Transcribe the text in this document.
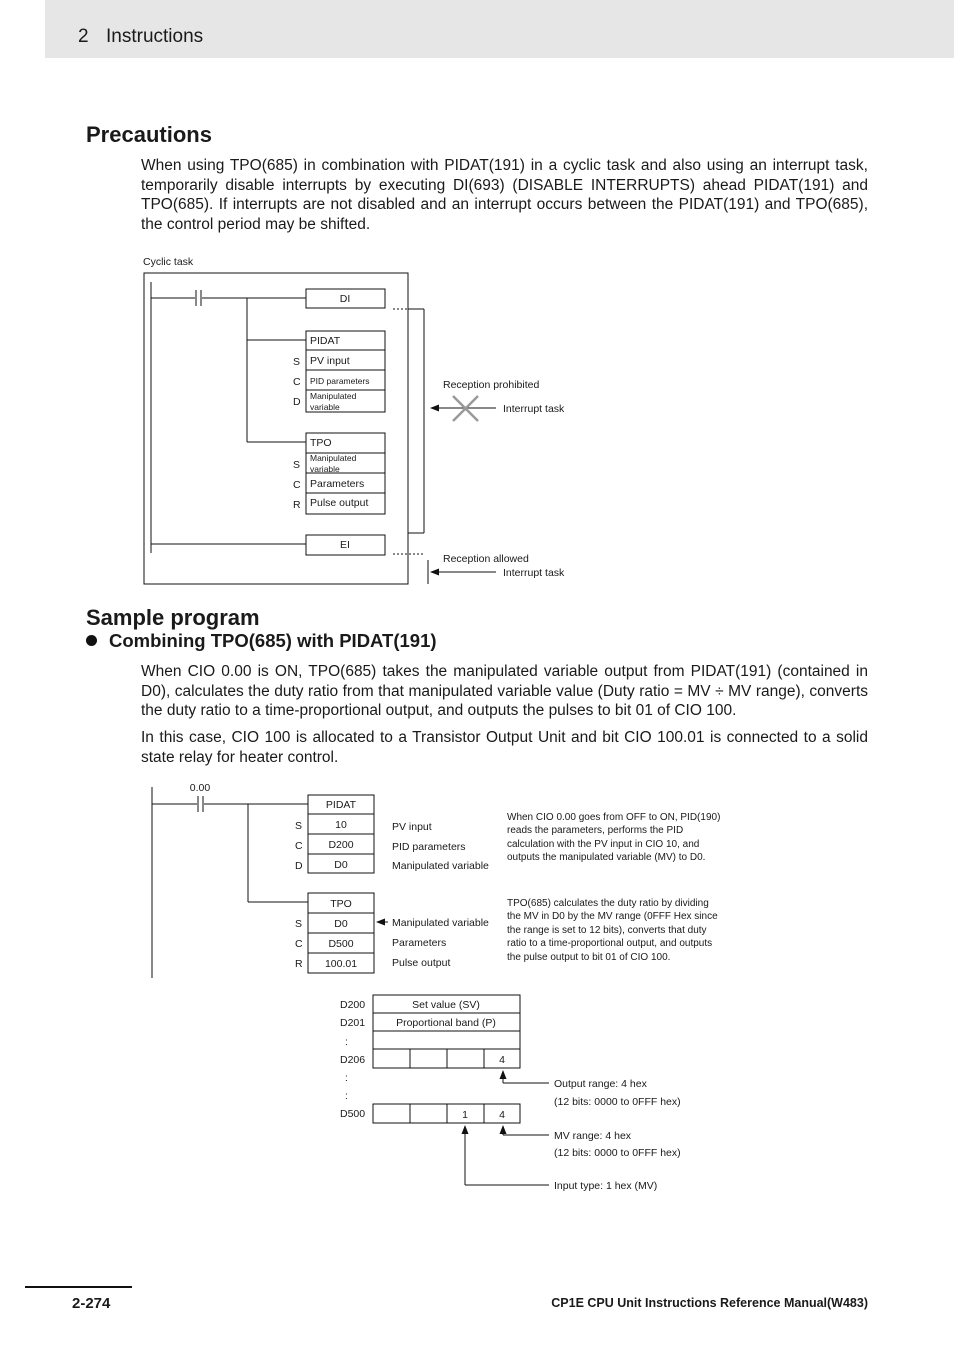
2 Instructions
Precautions

When using TPO(685) in combination with PIDAT(191) in a cyclic task and also using an interrupt task, temporarily disable interrupts by executing DI(693) (DISABLE INTERRUPTS) ahead PIDAT(191) and TPO(685). If interrupts are not disabled and an interrupt occurs between the PIDAT(191) and TPO(685), the control period may be shifted.

Cyclic task
DI
PIDAT
PV input
PID parameters
Manipulated
variable
S
C
D
TPO
Manipulated
variable
Parameters
Pulse output
S
C
R
EI
Reception prohibited
Interrupt task
Reception allowed
Interrupt task
0.00
PIDAT
10
D200
D0
S
C
D
PV input
PID parameters
Manipulated variable
TPO
D0
D500
100.01
S
C
R
Manipulated variable
Parameters
Pulse output
When CIO 0.00 goes from OFF to ON, PID(190)
reads the parameters, performs the PID
calculation with the PV input in CIO 10, and
outputs the manipulated variable (MV) to D0.
TPO(685) calculates the duty ratio by dividing
the MV in D0 by the MV range (0FFF Hex since
the range is set to 12 bits), converts that duty
ratio to a time-proportional output, and outputs
the pulse output to bit 01 of CIO 100.
D200
D201
:
D206
:
:
D500
Set value (SV)
Proportional band (P)
4
1	4
Output range: 4 hex
(12 bits: 0000 to 0FFF hex)
MV range: 4 hex
(12 bits: 0000 to 0FFF hex)
Input type: 1 hex (MV)
Sample program
Combining TPO(685) with PIDAT(191)

When CIO 0.00 is ON, TPO(685) takes the manipulated variable output from PIDAT(191) (contained in D0), calculates the duty ratio from that manipulated variable value (Duty ratio = MV ÷ MV range), converts the duty ratio to a time-proportional output, and outputs the pulses to bit 01 of CIO 100.

In this case, CIO 100 is allocated to a Transistor Output Unit and bit CIO 100.01 is connected to a solid state relay for heater control.

2-274	CP1E CPU Unit Instructions Reference Manual(W483)
